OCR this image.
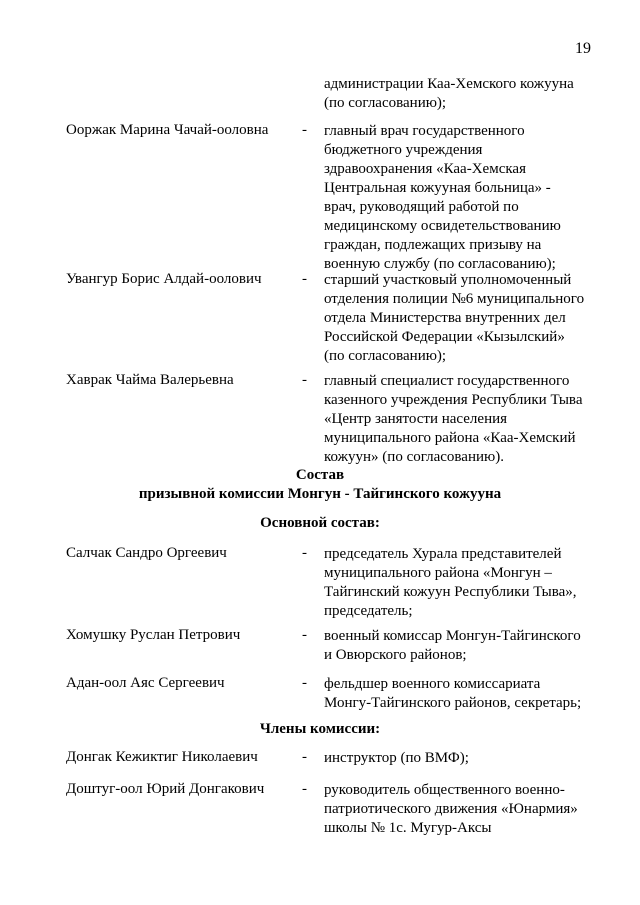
19
администрации Каа-Хемского кожууна
(по согласованию);
Ооржак Марина Чачай-ооловна	- главный врач государственного
бюджетного учреждения
здравоохранения «Каа-Хемская
Центральная кожууная больница» -
врач, руководящий работой по
медицинскому освидетельствованию
граждан, подлежащих призыву на
военную службу (по согласованию);
Увангур Борис Алдай-оолович	- старший участковый уполномоченный
отделения полиции №6 муниципального
отдела Министерства внутренних дел
Российской Федерации «Кызылский»
(по согласованию);
Хаврак Чайма Валерьевна	- главный специалист государственного
казенного учреждения Республики Тыва
«Центр занятости населения
муниципального района «Каа-Хемский
кожуун» (по согласованию).
Состав
призывной комиссии Монгун - Тайгинского кожууна
Основной состав:
Салчак Сандро Оргеевич	- председатель Хурала представителей
муниципального района «Монгун –
Тайгинский кожуун Республики Тыва»,
председатель;
Хомушку Руслан Петрович	- военный комиссар Монгун-Тайгинского
и Овюрского районов;
Адан-оол Аяс Сергеевич	- фельдшер военного комиссариата
Монгу-Тайгинского районов, секретарь;
Члены комиссии:
Донгак Кежиктиг Николаевич	- инструктор (по ВМФ);
Доштуг-оол Юрий Донгакович	- руководитель общественного военно-
патриотического движения «Юнармия»
школы № 1с. Мугур-Аксы
